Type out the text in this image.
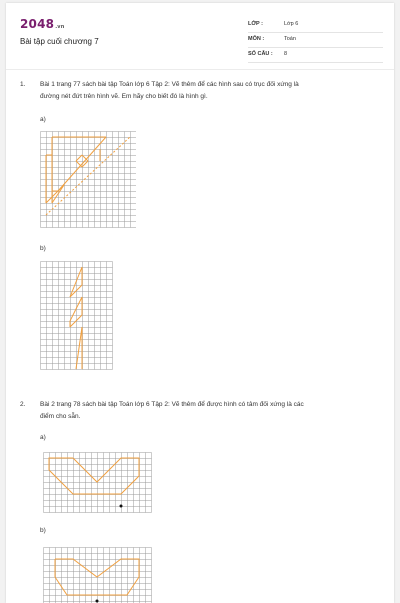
2048.vn
Bài tập cuối chương 7
LỚP :	Lớp 6
MÔN :	Toán
SỐ CÂU : 8
1. Bài 1 trang 77 sách bài tập Toán lớp 6 Tập 2: Vẽ thêm để các hình sau có trục đối xứng là
đường nét đứt trên hình vẽ. Em hãy cho biết đó là hình gì.
a)
b)
2. Bài 2 trang 78 sách bài tập Toán lớp 6 Tập 2: Vẽ thêm để được hình có tâm đối xứng là các
điểm cho sẵn.
a)
b)
